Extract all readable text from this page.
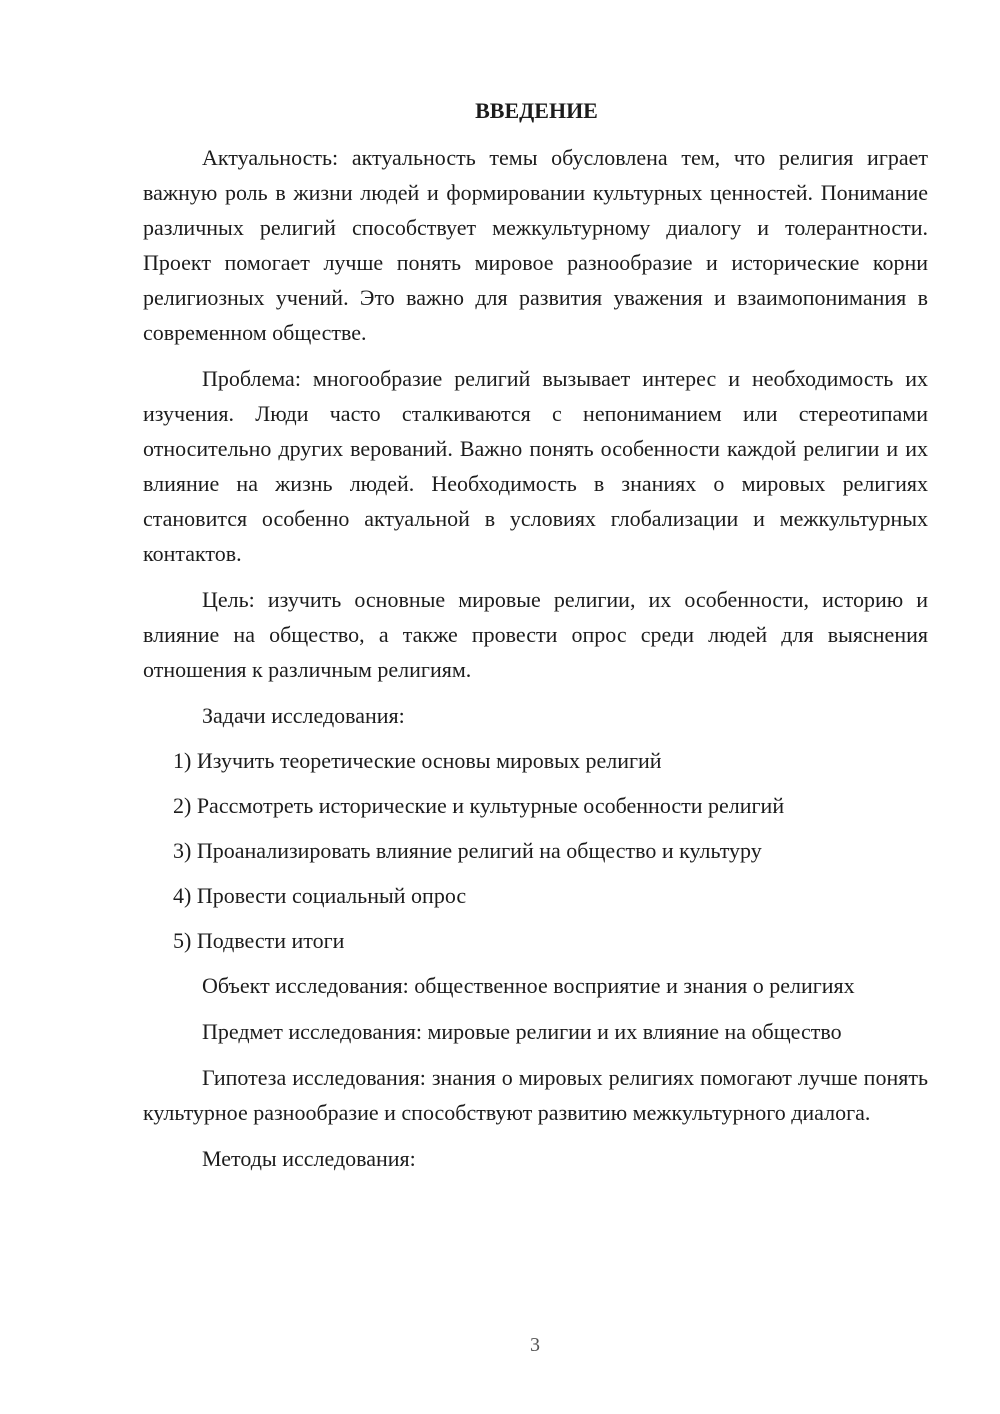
ВВЕДЕНИЕ

Актуальность: актуальность темы обусловлена тем, что религия играет важную роль в жизни людей и формировании культурных ценностей. Понимание различных религий способствует межкультурному диалогу и толерантности. Проект помогает лучше понять мировое разнообразие и исторические корни религиозных учений. Это важно для развития уважения и взаимопонимания в современном обществе.

Проблема: многообразие религий вызывает интерес и необходимость их изучения. Люди часто сталкиваются с непониманием или стереотипами относительно других верований. Важно понять особенности каждой религии и их влияние на жизнь людей. Необходимость в знаниях о мировых религиях становится особенно актуальной в условиях глобализации и межкультурных контактов.

Цель: изучить основные мировые религии, их особенности, историю и влияние на общество, а также провести опрос среди людей для выяснения отношения к различным религиям.

Задачи исследования:
1) Изучить теоретические основы мировых религий
2) Рассмотреть исторические и культурные особенности религий
3) Проанализировать влияние религий на общество и культуру
4) Провести социальный опрос
5) Подвести итоги

Объект исследования: общественное восприятие и знания о религиях

Предмет исследования: мировые религии и их влияние на общество

Гипотеза исследования: знания о мировых религиях помогают лучше понять культурное разнообразие и способствуют развитию межкультурного диалога.

Методы исследования:

3
